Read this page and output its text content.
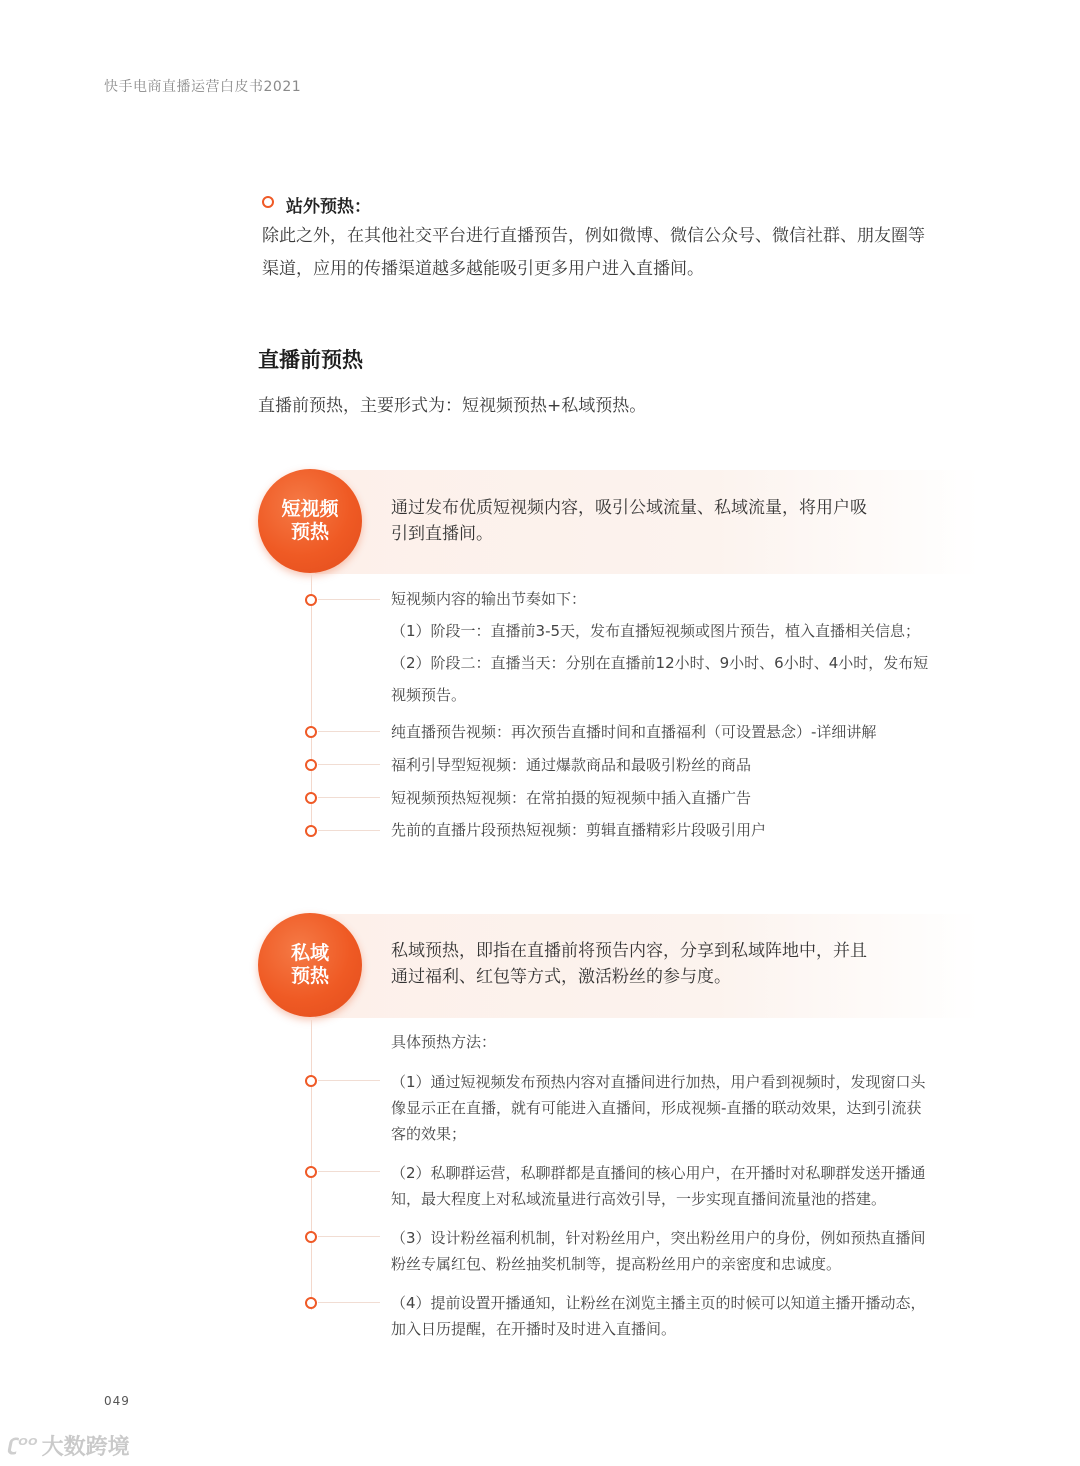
快手电商直播运营白皮书2021
站外预热：
除此之外，在其他社交平台进行直播预告，例如微博、微信公众号、微信社群、朋友圈等
渠道，应用的传播渠道越多越能吸引更多用户进入直播间。
直播前预热
直播前预热，主要形式为：短视频预热+私域预热。
短视频
预热
通过发布优质短视频内容，吸引公域流量、私域流量，将用户吸
引到直播间。
短视频内容的输出节奏如下：
（1）阶段一：直播前3-5天，发布直播短视频或图片预告，植入直播相关信息；
（2）阶段二：直播当天：分别在直播前12小时、9小时、6小时、4小时，发布短
视频预告。
纯直播预告视频：再次预告直播时间和直播福利（可设置悬念）-详细讲解
福利引导型短视频：通过爆款商品和最吸引粉丝的商品
短视频预热短视频：在常拍摄的短视频中插入直播广告
先前的直播片段预热短视频：剪辑直播精彩片段吸引用户
私域
预热
私域预热，即指在直播前将预告内容，分享到私域阵地中，并且
通过福利、红包等方式，激活粉丝的参与度。
具体预热方法：
（1）通过短视频发布预热内容对直播间进行加热，用户看到视频时，发现窗口头
像显示正在直播，就有可能进入直播间，形成视频-直播的联动效果，达到引流获
客的效果；
（2）私聊群运营，私聊群都是直播间的核心用户，在开播时对私聊群发送开播通
知，最大程度上对私域流量进行高效引导，一步实现直播间流量池的搭建。
（3）设计粉丝福利机制，针对粉丝用户，突出粉丝用户的身份，例如预热直播间
粉丝专属红包、粉丝抽奖机制等，提高粉丝用户的亲密度和忠诚度。
（4）提前设置开播通知，让粉丝在浏览主播主页的时候可以知道主播开播动态，
加入日历提醒，在开播时及时进入直播间。
049
ʗᴼᴼ 大数跨境
